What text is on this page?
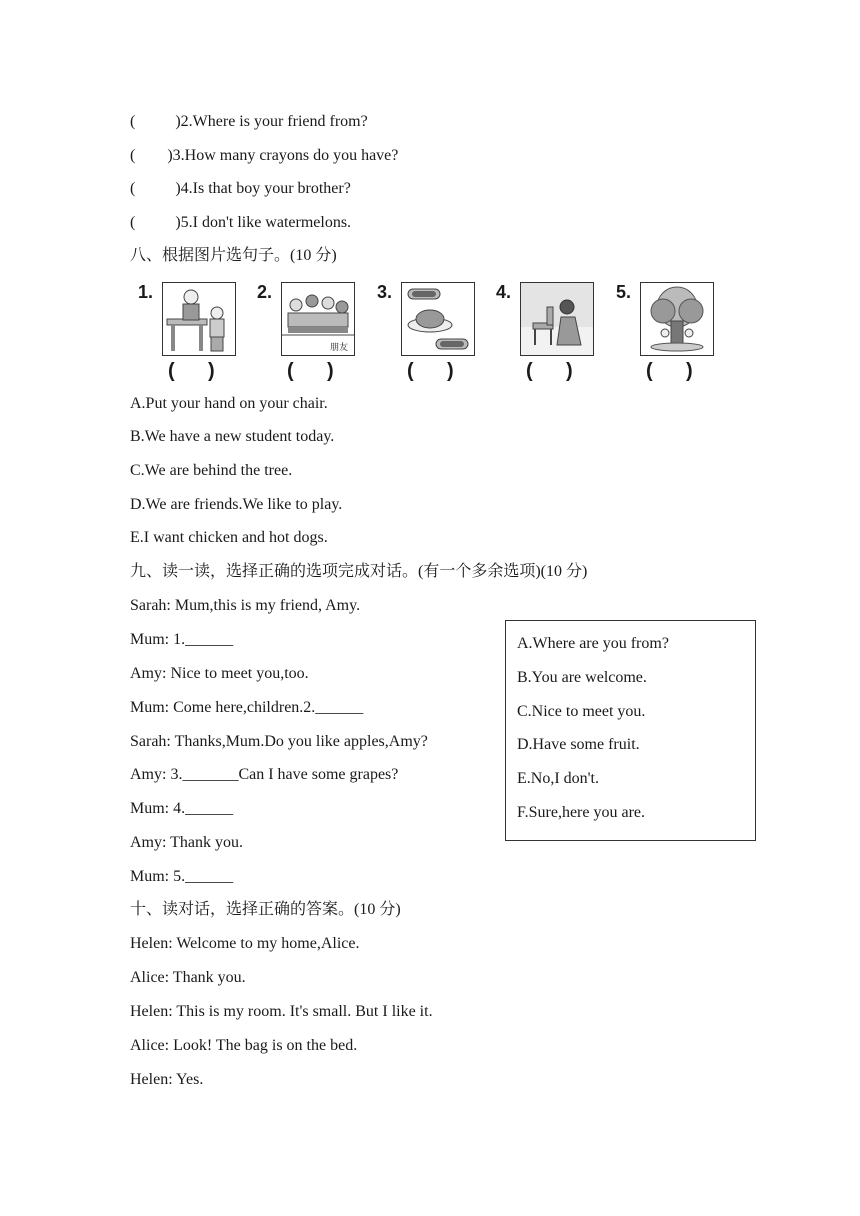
(          )2.Where is your friend from?
(        )3.How many crayons do you have?
(          )4.Is that boy your brother?
(          )5.I don't like watermelons.
八、根据图片选句子。(10 分)
1.
(      )
2.
朋友
(      )
3.
(      )
4.
(      )
5.
(      )
A.Put your hand on your chair.
B.We have a new student today.
C.We are behind the tree.
D.We are friends.We like to play.
E.I want chicken and hot dogs.
九、读一读，选择正确的选项完成对话。(有一个多余选项)(10 分)
Sarah: Mum,this is my friend, Amy.
Mum: 1.______
Amy: Nice to meet you,too.
Mum: Come here,children.2.______
Sarah: Thanks,Mum.Do you like apples,Amy?
Amy: 3._______Can I have some grapes?
Mum: 4.______
Amy: Thank you.
Mum: 5.______
A.Where are you from?
B.You are welcome.
C.Nice to meet you.
D.Have some fruit.
E.No,I don't.
F.Sure,here you are.
十、读对话，选择正确的答案。(10 分)
Helen: Welcome to my home,Alice.
Alice: Thank you.
Helen: This is my room. It's small. But I like it.
Alice: Look! The bag is on the bed.
Helen: Yes.
